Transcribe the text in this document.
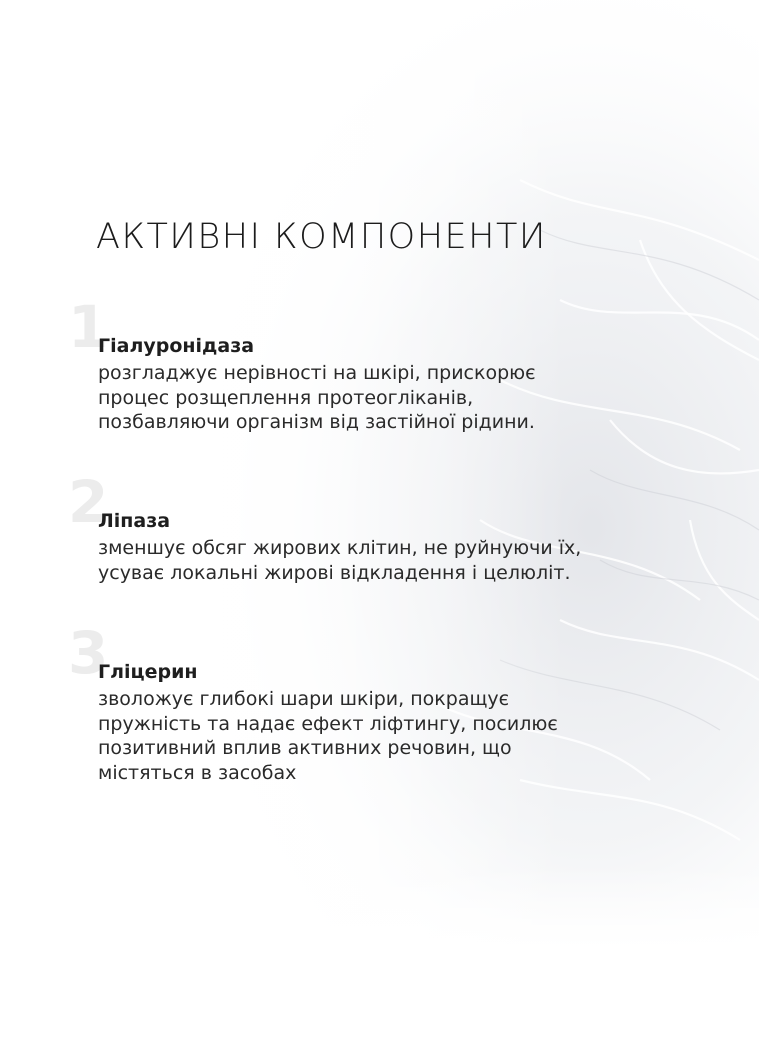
АКТИВНІ КОМПОНЕНТИ
1
Гіалуронідаза

розгладжує нерівності на шкірі, прискорює
процес розщеплення протеогліканів,
позбавляючи організм від застійної рідини.

2
Ліпаза

зменшує обсяг жирових клітин, не руйнуючи їх,
усуває локальні жирові відкладення і целюліт.

3
Гліцерин

зволожує глибокі шари шкіри, покращує
пружність та надає ефект ліфтингу, посилює
позитивний вплив активних речовин, що
містяться в засобах
